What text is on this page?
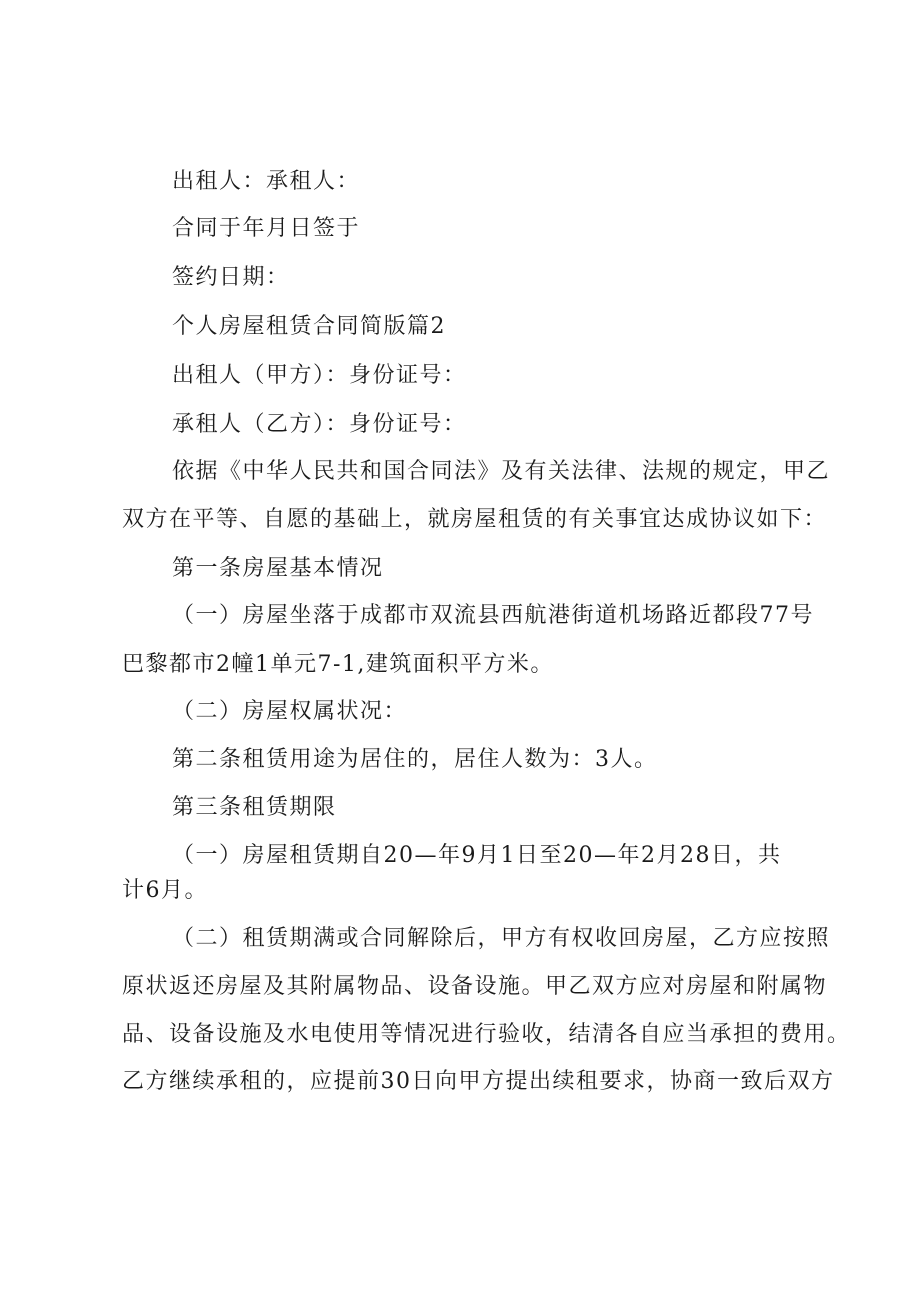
出租人：承租人：
合同于年月日签于
签约日期：
个人房屋租赁合同简版篇2
出租人（甲方）：身份证号：
承租人（乙方）：身份证号：
依据《中华人民共和国合同法》及有关法律、法规的规定，甲乙
双方在平等、自愿的基础上，就房屋租赁的有关事宜达成协议如下：
第一条房屋基本情况
（一）房屋坐落于成都市双流县西航港街道机场路近都段77号
巴黎都市2幢1单元7-1,建筑面积平方米。
（二）房屋权属状况：
第二条租赁用途为居住的，居住人数为：3人。
第三条租赁期限
（一）房屋租赁期自20—年9月1日至20—年2月28日，共
计6月。
（二）租赁期满或合同解除后，甲方有权收回房屋，乙方应按照
原状返还房屋及其附属物品、设备设施。甲乙双方应对房屋和附属物
品、设备设施及水电使用等情况进行验收，结清各自应当承担的费用。
乙方继续承租的，应提前30日向甲方提出续租要求，协商一致后双方
